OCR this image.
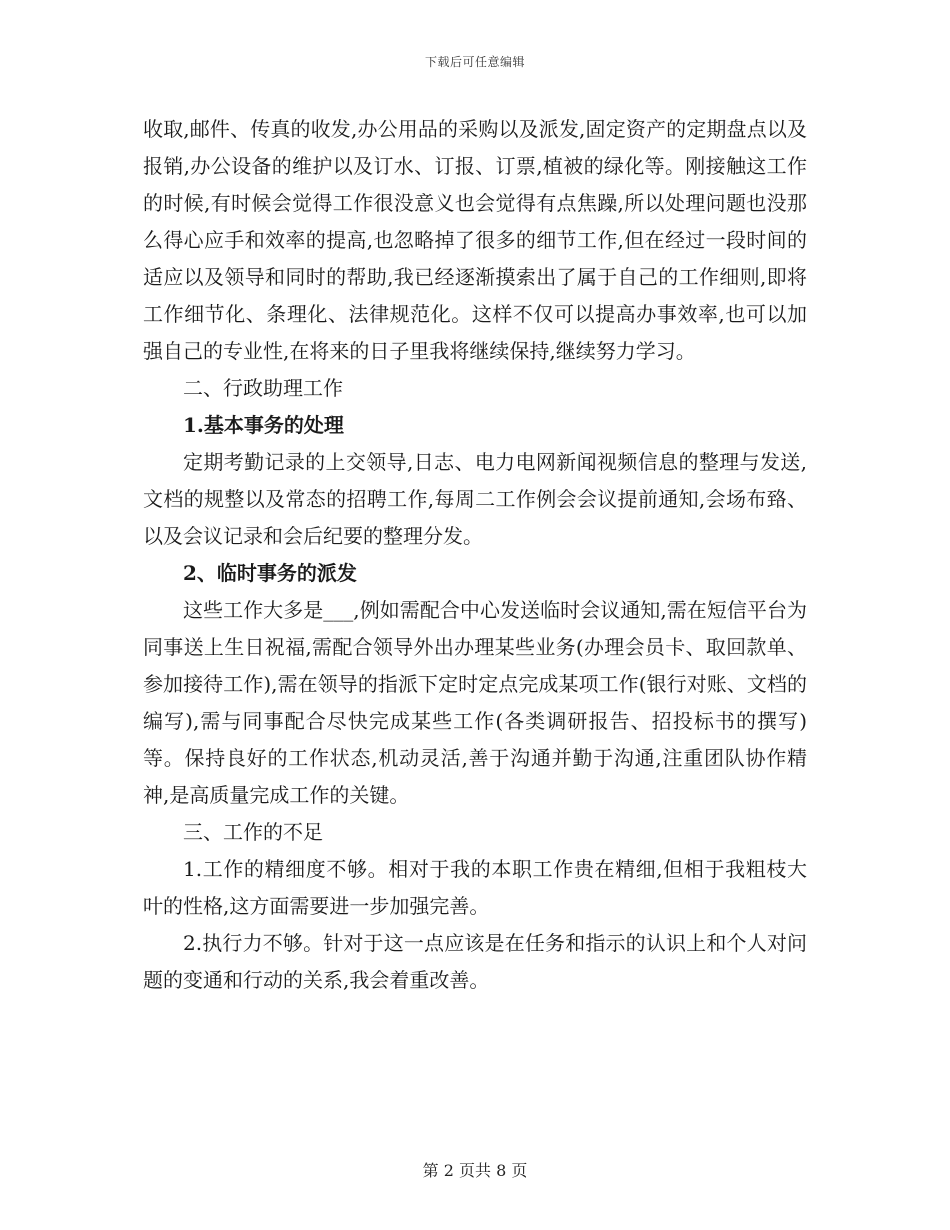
下载后可任意编辑

收取,邮件、传真的收发,办公用品的采购以及派发,固定资产的定期盘点以及报销,办公设备的维护以及订水、订报、订票,植被的绿化等。刚接触这工作的时候,有时候会觉得工作很没意义也会觉得有点焦躁,所以处理问题也没那么得心应手和效率的提高,也忽略掉了很多的细节工作,但在经过一段时间的适应以及领导和同时的帮助,我已经逐渐摸索出了属于自己的工作细则,即将工作细节化、条理化、法律规范化。这样不仅可以提高办事效率,也可以加强自己的专业性,在将来的日子里我将继续保持,继续努力学习。

二、行政助理工作

1.基本事务的处理

定期考勤记录的上交领导,日志、电力电网新闻视频信息的整理与发送,文档的规整以及常态的招聘工作,每周二工作例会会议提前通知,会场布臵、以及会议记录和会后纪要的整理分发。

2、临时事务的派发

这些工作大多是___,例如需配合中心发送临时会议通知,需在短信平台为同事送上生日祝福,需配合领导外出办理某些业务(办理会员卡、取回款单、参加接待工作),需在领导的指派下定时定点完成某项工作(银行对账、文档的编写),需与同事配合尽快完成某些工作(各类调研报告、招投标书的撰写)等。保持良好的工作状态,机动灵活,善于沟通并勤于沟通,注重团队协作精神,是高质量完成工作的关键。

三、工作的不足

1.工作的精细度不够。相对于我的本职工作贵在精细,但相于我粗枝大叶的性格,这方面需要进一步加强完善。

2.执行力不够。针对于这一点应该是在任务和指示的认识上和个人对问题的变通和行动的关系,我会着重改善。

第 2 页共 8 页
